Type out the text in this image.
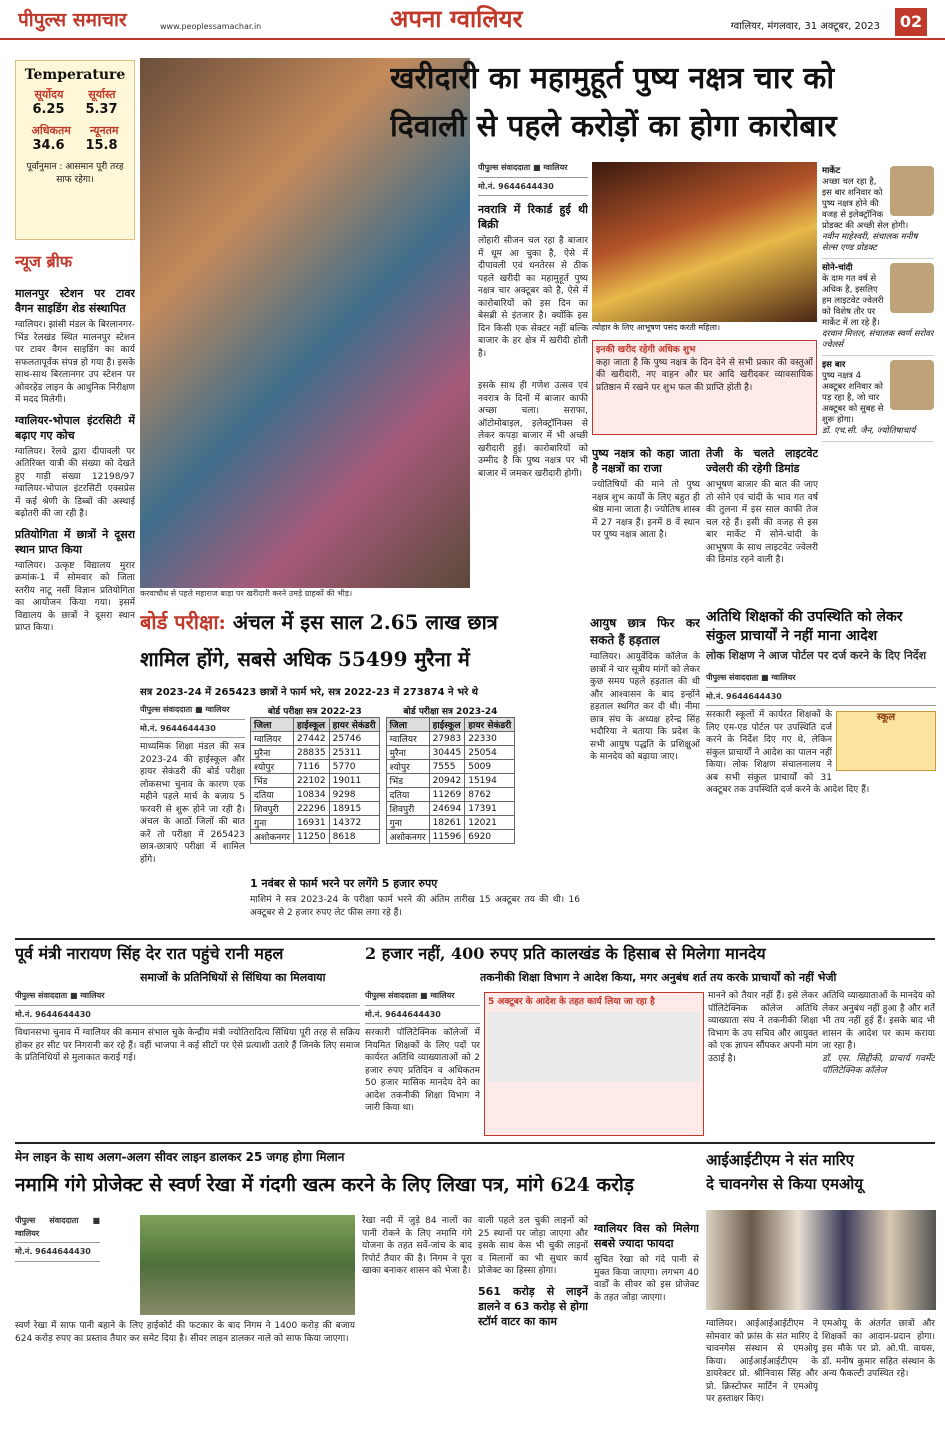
पीपुल्स समाचार	www.peoplessamachar.in	अपना ग्वालियर	ग्वालियर, मंगलवार, 31 अक्टूबर, 2023	02
Temperature
सूर्योदय सूर्यास्त
6.25 5.37
अधिकतम न्यूनतम
34.6 15.8
पूर्वानुमान : आसमान पूरी तरह साफ रहेगा।
न्यूज ब्रीफ
मालनपुर स्टेशन पर टावर वैगन साइडिंग शेड संस्थापित
ग्वालियर। झांसी मंडल के बिरलानगर-भिंड रेलखंड स्थित मालनपुर स्टेशन पर टावर वैगन साइडिंग का कार्य सफलतापूर्वक संपन्न हो गया है। इसके साथ-साथ बिरलानगर उप स्टेशन पर ओवरहेड लाइन के आधुनिक निरीक्षण में मदद मिलेगी।
ग्वालियर-भोपाल इंटरसिटी में बढ़ाए गए कोच
ग्वालियर। रेलवे द्वारा दीपावली पर अतिरिक्त यात्री की संख्या को देखते हुए गाड़ी संख्या 12198/97 ग्वालियर-भोपाल इंटरसिटी एक्सप्रेस में कई श्रेणी के डिब्बों की अस्थाई बढ़ोतरी की जा रही है।
प्रतियोगिता में छात्रों ने दूसरा स्थान प्राप्त किया
ग्वालियर। उत्कृष्ट विद्यालय मुरार क्रमांक-1 में सोमवार को जिला स्तरीय नाटू नर्सी विज्ञान प्रतियोगिता का आयोजन किया गया। इसमें विद्यालय के छात्रों ने दूसरा स्थान प्राप्त किया।
करवाचौथ से पहले महाराज बाड़ा पर खरीदारी करने उमड़े ग्राहकों की भीड़।
खरीदारी का महामुहूर्त पुष्य नक्षत्र चार को
दिवाली से पहले करोड़ों का होगा कारोबार
पीपुल्स संवाददाता ■ ग्वालियर
मो.नं. 9644644430
नवरात्रि में रिकार्ड हुई थी बिक्री
लोहारी सीजन चल रहा है बाजार में धूम आ चुका है, ऐसे में दीपावली एवं धनतेरस से ठीक पहले खरीदी का महामुहूर्त पुष्य नक्षत्र चार अक्टूबर को है, ऐसे में कारोबारियों को इस दिन का बेसब्री से इंतजार है। क्योंकि इस दिन किसी एक सेक्टर नहीं बल्कि बाजार के हर क्षेत्र में खरीदी होती है।
त्योहार के लिए आभूषण पसंद करती महिला।
इनकी खरीद रहेगी अधिक शुभ
कहा जाता है कि पुष्य नक्षत्र के दिन देने से सभी प्रकार की वस्तुओं की खरीदारी, नए वाहन और घर आदि खरीदकर व्यावसायिक प्रतिष्ठान में रखने पर शुभ फल की प्राप्ति होती है।
पुष्य नक्षत्र को कहा जाता है नक्षत्रों का राजा
ज्योतिषियों की माने तो पुष्य नक्षत्र शुभ कार्यों के लिए बहुत ही श्रेष्ठ माना जाता है। ज्योतिष शास्त्र में 27 नक्षत्र हैं। इनमें 8 वें स्थान पर पुष्य नक्षत्र आता है।
तेजी के चलते लाइटवेट ज्वेलरी की रहेगी डिमांड
आभूषण बाजार की बात की जाए तो सोने एवं चांदी के भाव गत वर्ष की तुलना में इस साल काफी तेज चल रहे हैं। इसी की वजह से इस बार मार्केट में सोने-चांदी के आभूषण के साथ लाइटवेट ज्वेलरी की डिमांड रहने वाली है।
इसके साथ ही गणेश उत्सव एवं नवरात्र के दिनों में बाजार काफी अच्छा चला। सराफा, ऑटोमोबाइल, इलेक्ट्रॉनिक्स से लेकर कपड़ा बाजार में भी अच्छी खरीदारी हुई। कारोबारियों को उम्मीद है कि पुष्य नक्षत्र पर भी बाजार में जमकर खरीदारी होगी।
मार्केट
अच्छा चल रहा है, इस बार शनिवार को पुष्य नक्षत्र होने की वजह से इलेक्ट्रॉनिक प्रोडक्ट की अच्छी सेल होगी।
नवीन माहेश्वरी, संचालक मनीष सेल्स एण्ड प्रोडक्ट
सोने-चांदी
के दाम गत वर्ष से अधिक है, इसलिए हम लाइटवेट ज्वेलरी को विशेष तौर पर मार्केट में ला रहे हैं।
दरवान मित्तल, संचालक स्वर्ण सरोवर ज्वेलर्स
इस बार
पुष्य नक्षत्र 4 अक्टूबर शनिवार को पड़ रहा है, जो चार अक्टूबर को सुबह से शुरू होगा।
डॉ. एच.सी. जैन, ज्योतिषाचार्य
बोर्ड परीक्षा: अंचल में इस साल 2.65 लाख छात्र
शामिल होंगे, सबसे अधिक 55499 मुरैना में
सत्र 2023-24 में 265423 छात्रों ने फार्म भरे, सत्र 2022-23 में 273874 ने भरे थे
पीपुल्स संवाददाता ■ ग्वालियर
मो.नं. 9644644430
माध्यमिक शिक्षा मंडल की सत्र 2023-24 की हाईस्कूल और हायर सेकंडरी की बोर्ड परीक्षा लोकसभा चुनाव के कारण एक महीने पहले मार्च के बजाय 5 फरवरी से शुरू होने जा रही है। अंचल के आठों जिलों की बात करें तो परीक्षा में 265423 छात्र-छात्राएं परीक्षा में शामिल होंगे।
बोर्ड परीक्षा सत्र 2022-23
जिला	हाईस्कूल	हायर सेकंडरी
ग्वालियर	27442	25746
मुरैना	28835	25311
श्योपुर	7116	5770
भिंड	22102	19011
दतिया	10834	9298
शिवपुरी	22296	18915
गुना	16931	14372
अशोकनगर	11250	8618
बोर्ड परीक्षा सत्र 2023-24
जिला	हाईस्कूल	हायर सेकंडरी
ग्वालियर	27983	22330
मुरैना	30445	25054
श्योपुर	7555	5009
भिंड	20942	15194
दतिया	11269	8762
शिवपुरी	24694	17391
गुना	18261	12021
अशोकनगर	11596	6920
1 नवंबर से फार्म भरने पर लगेंगे 5 हजार रुपए
माशिमं ने सत्र 2023-24 के परीक्षा फार्म भरने की अंतिम तारीख 15 अक्टूबर तय की थी। 16 अक्टूबर से 2 हजार रुपए लेट फीस लगा रहे हैं।
आयुष छात्र फिर कर सकते हैं हड़ताल
ग्वालियर। आयुर्वेदिक कॉलेज के छात्रों ने चार सूत्रीय मांगों को लेकर कुछ समय पहले हड़ताल की थी और आश्वासन के बाद इन्होंने हड़ताल स्थगित कर दी थी। नीमा छात्र संघ के अध्यक्ष हरेन्द्र सिंह भदौरिया ने बताया कि प्रदेश के सभी आयुष पद्धति के प्रशिक्षुओं के मानदेय को बढ़ाया जाए।
अतिथि शिक्षकों की उपस्थिति को लेकर
संकुल प्राचार्यों ने नहीं माना आदेश
लोक शिक्षण ने आज पोर्टल पर दर्ज करने के दिए निर्देश
पीपुल्स संवाददाता ■ ग्वालियर
मो.नं. 9644644430
स्कूल
सरकारी स्कूलों में कार्यरत शिक्षकों के लिए एम-एड पोर्टल पर उपस्थिति दर्ज करने के निर्देश दिए गए थे, लेकिन संकुल प्राचार्यों ने आदेश का पालन नहीं किया। लोक शिक्षण संचालनालय ने अब सभी संकुल प्राचार्यों को 31 अक्टूबर तक उपस्थिति दर्ज करने के आदेश दिए हैं।
पूर्व मंत्री नारायण सिंह देर रात पहुंचे रानी महल
समाजों के प्रतिनिधियों से सिंधिया का मिलवाया
पीपुल्स संवाददाता ■ ग्वालियर
मो.नं. 9644644430
विधानसभा चुनाव में ग्वालियर की कमान संभाल चुके केन्द्रीय मंत्री ज्योतिरादित्य सिंधिया पूरी तरह से सक्रिय होकर हर सीट पर निगरानी कर रहे हैं। वहीं भाजपा ने कई सीटों पर ऐसे प्रत्याशी उतारे हैं जिनके लिए समाज के प्रतिनिधियों से मुलाकात कराई गई।
2 हजार नहीं, 400 रुपए प्रति कालखंड के हिसाब से मिलेगा मानदेय
तकनीकी शिक्षा विभाग ने आदेश किया, मगर अनुबंध शर्त तय करके प्राचार्यों को नहीं भेजी
पीपुल्स संवाददाता ■ ग्वालियर
मो.नं. 9644644430
सरकारी पॉलिटेक्निक कॉलेजों में नियमित शिक्षकों के लिए पदों पर कार्यरत अतिथि व्याख्याताओं को 2 हजार रुपए प्रतिदिन व अधिकतम 50 हजार मासिक मानदेय देने का आदेश तकनीकी शिक्षा विभाग ने जारी किया था।
5 अक्टूबर के आदेश के तहत कार्य लिया जा रहा है
मानने को तैयार नहीं हैं। इसे लेकर पॉलिटेक्निक कॉलेज अतिथि व्याख्याता संघ ने तकनीकी शिक्षा विभाग के उप सचिव और आयुक्त को एक ज्ञापन सौंपकर अपनी मांग उठाई है।
अतिथि व्याख्याताओं के मानदेय को लेकर अनुबंध नहीं हुआ है और शर्तें भी तय नहीं हुई हैं। इसके बाद भी शासन के आदेश पर काम कराया जा रहा है।
डॉ. एस. सिद्दीकी, प्राचार्य गवर्मेंट पॉलिटेक्निक कॉलेज
मेन लाइन के साथ अलग-अलग सीवर लाइन डालकर 25 जगह होगा मिलान
नमामि गंगे प्रोजेक्ट से स्वर्ण रेखा में गंदगी खत्म करने के लिए लिखा पत्र, मांगे 624 करोड़
पीपुल्स संवाददाता ■ ग्वालियर
मो.नं. 9644644430
स्वर्ण रेखा में साफ पानी बहाने के लिए हाईकोर्ट की फटकार के बाद निगम ने 1400 करोड़ की बजाय 624 करोड़ रुपए का प्रस्ताव तैयार कर समेट दिया है। सीवर लाइन डालकर नाले को साफ किया जाएगा।
रेखा नदी में जुड़े 84 नालों का पानी रोकने के लिए नमामि गंगे योजना के तहत सर्वे-जांच के बाद रिपोर्ट तैयार की है। निगम ने पूरा खाका बनाकर शासन को भेजा है।
वाली पहले डल चुकी लाइनों को 25 स्थानों पर जोड़ा जाएगा और इसके साथ केस भी चुकी लाइनों व मिलानों का भी सुधार कार्य प्रोजेक्ट का हिस्सा होगा।
561 करोड़ से लाइनें डालने व 63 करोड़ से होगा स्टॉर्म वाटर का काम
ग्वालियर विस को मिलेगा सबसे ज्यादा फायदा
सुचित रेखा को गंदे पानी से मुक्त किया जाएगा। लगभग 40 वार्डों के सीवर को इस प्रोजेक्ट के तहत जोड़ा जाएगा।
आईआईटीएम ने संत मारिए
दे चावनगेस से किया एमओयू
ग्वालियर। आईआईआईटीएम ने सोमवार को फ्रांस के संत मारिए दे चावनगेस संस्थान से एमओयू किया। आईआईआईटीएम के डायरेक्टर प्रो. श्रीनिवास सिंह और प्रो. क्रिस्टोफर मार्टिन ने एमओयू पर हस्ताक्षर किए।
एमओयू के अंतर्गत छात्रों और शिक्षकों का आदान-प्रदान होगा। इस मौके पर प्रो. ओ.पी. वायस, डॉ. मनीष कुमार सहित संस्थान के अन्य फैकल्टी उपस्थित रहे।
